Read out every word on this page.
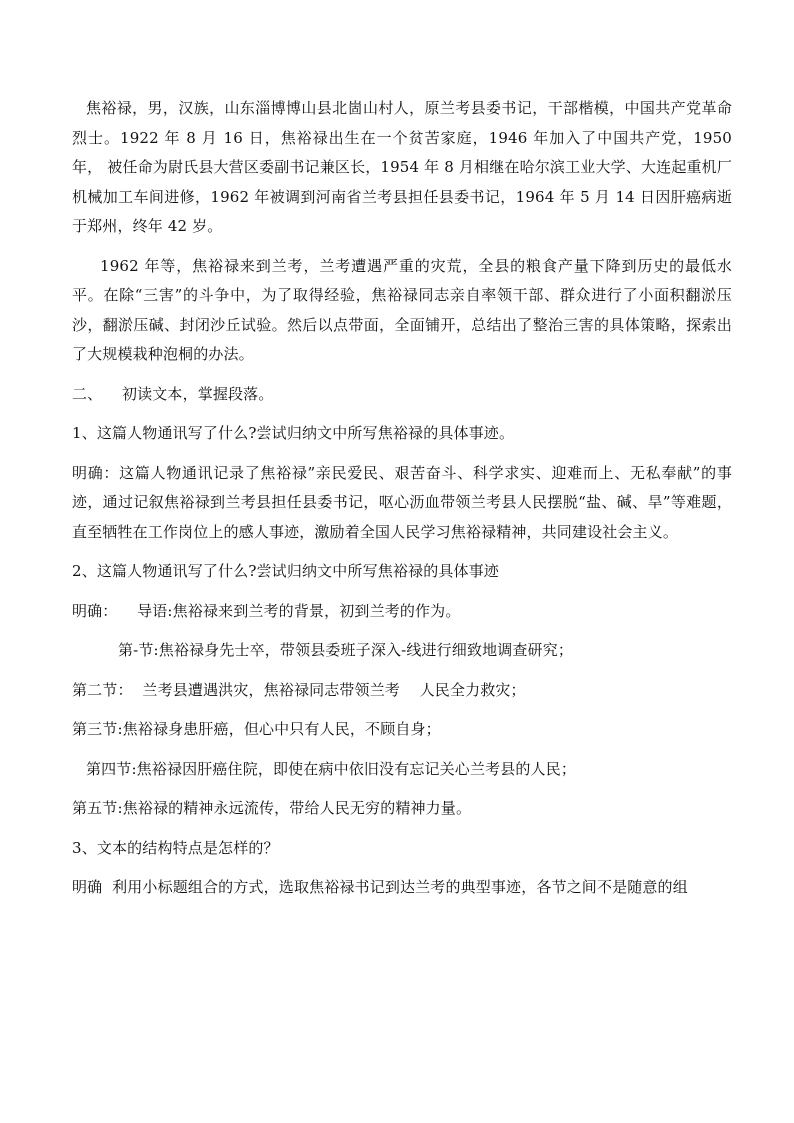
焦裕禄，男，汉族，山东淄博博山县北崮山村人，原兰考县委书记，干部楷模，中国共产党革命烈士。1922 年 8 月 16 日，焦裕禄出生在一个贫苦家庭，1946 年加入了中国共产党，1950 年， 被任命为尉氏县大营区委副书记兼区长，1954 年 8 月相继在哈尔滨工业大学、大连起重机厂机械加工车间进修，1962 年被调到河南省兰考县担任县委书记，1964 年 5 月 14 日因肝癌病逝于郑州，终年 42 岁。

1962 年等，焦裕禄来到兰考，兰考遭遇严重的灾荒，全县的粮食产量下降到历史的最低水平。在除“三害”的斗争中，为了取得经验，焦裕禄同志亲自率领干部、群众进行了小面积翻淤压沙，翻淤压碱、封闭沙丘试验。然后以点带面，全面铺开，总结出了整治三害的具体策略，探索出了大规模栽种泡桐的办法。

二、    初读文本，掌握段落。

1、这篇人物通讯写了什么?尝试归纳文中所写焦裕禄的具体事迹。

明确：这篇人物通讯记录了焦裕禄”亲民爱民、艰苦奋斗、科学求实、迎难而上、无私奉献”的事迹，通过记叙焦裕禄到兰考县担任县委书记，呕心沥血带领兰考县人民摆脱“盐、碱、旱”等难题，直至牺牲在工作岗位上的感人事迹，激励着全国人民学习焦裕禄精神，共同建设社会主义。

2、这篇人物通讯写了什么?尝试归纳文中所写焦裕禄的具体事迹

明确：    导语:焦裕禄来到兰考的背景，初到兰考的作为。

第-节:焦裕禄身先士卒，带领县委班子深入-线进行细致地调查研究；

第二节：  兰考县遭遇洪灾，焦裕禄同志带领兰考    人民全力救灾；

第三节:焦裕禄身患肝癌，但心中只有人民，不顾自身；

第四节:焦裕禄因肝癌住院，即使在病中依旧没有忘记关心兰考县的人民；

第五节:焦裕禄的精神永远流传，带给人民无穷的精神力量。

3、文本的结构特点是怎样的？

明确  利用小标题组合的方式，选取焦裕禄书记到达兰考的典型事迹，各节之间不是随意的组
